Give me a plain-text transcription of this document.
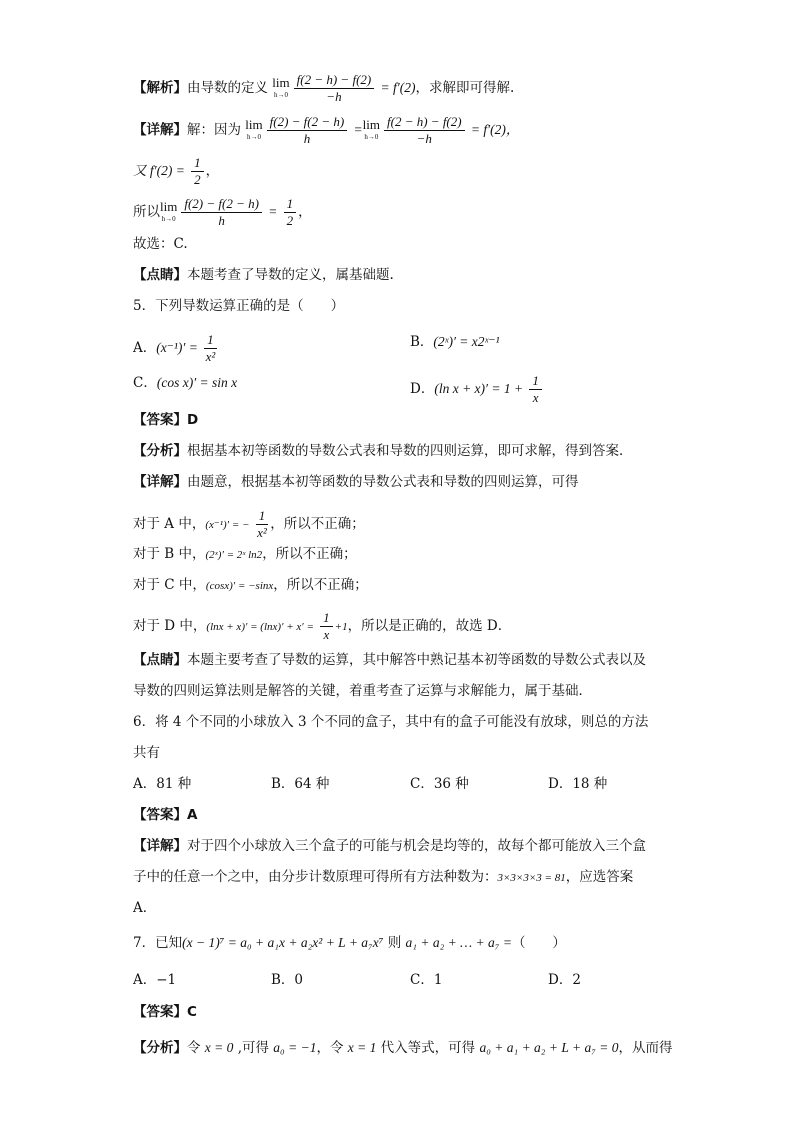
【解析】由导数的定义 lim
$h\to 0 \frac{f(2 - h) - f(2)}{-h} = f'(2)$，求解即可得解.
【详解】解：因为 lim
$h\to 0 \frac{f(2) - f(2 - h)}{h} = \lim$
$h\to 0 \frac{f(2 - h) - f(2)}{-h} = f'(2)$，
又 $f'(2) = \frac{1}{2}$ ，
所以 lim
$h\to 0 \frac{f(2) - f(2 - h)}{h} = \frac{1}{2}$ ，
故选：C.
【点睛】本题考查了导数的定义，属基础题.
5．下列导数运算正确的是（　　）
A．$(x^{-1})' = \frac{1}{\text{x²}}$	B．(2ˣ)′ = x2ˣ⁻¹
C．(cos x)′ = sin x	D．(ln $x + x)' = 1 + \frac{1}{x}$
【答案】D
【分析】根据基本初等函数的导数公式表和导数的四则运算，即可求解，得到答案．
【详解】由题意，根据基本初等函数的导数公式表和导数的四则运算，可得
对于 A 中，(x⁻¹)′ = − $\frac{1}{\text{x²}}$ ，所以不正确；
对于 B 中，(2ˣ)′ = 2ˣ ln2，所以不正确；
对于 C 中，(cosx)′ = −sinx，所以不正确；
对于 D 中，$(\ln x + x)' = (\ln x)' + x' = \frac{1}{x} +1$，所以是正确的，故选 D．
【点睛】本题主要考查了导数的运算，其中解答中熟记基本初等函数的导数公式表以及
导数的四则运算法则是解答的关键，着重考查了运算与求解能力，属于基础．
6．将 4 个不同的小球放入 3 个不同的盒子，其中有的盒子可能没有放球，则总的方法
共有
A．81 种	B．64 种	C．36 种	D．18 种
【答案】A
【详解】对于四个小球放入三个盒子的可能与机会是均等的，故每个都可能放入三个盒
子中的任意一个之中，由分步计数原理可得所有方法种数为：3×3×3×3 = 81，应选答案
A．
7．已知(x − 1)⁷ = a₀ + a₁x + a₂x² + L + a₇x⁷ 则 a₁ + a₂ + … + a₇ =（　　）
A．−1	B．0	C．1	D．2
【答案】C
【分析】令 x = 0 ,可得 a₀ = −1，令 x = 1 代入等式，可得 a₀ + a₁ + a₂ + L + a₇ = 0，从而得
